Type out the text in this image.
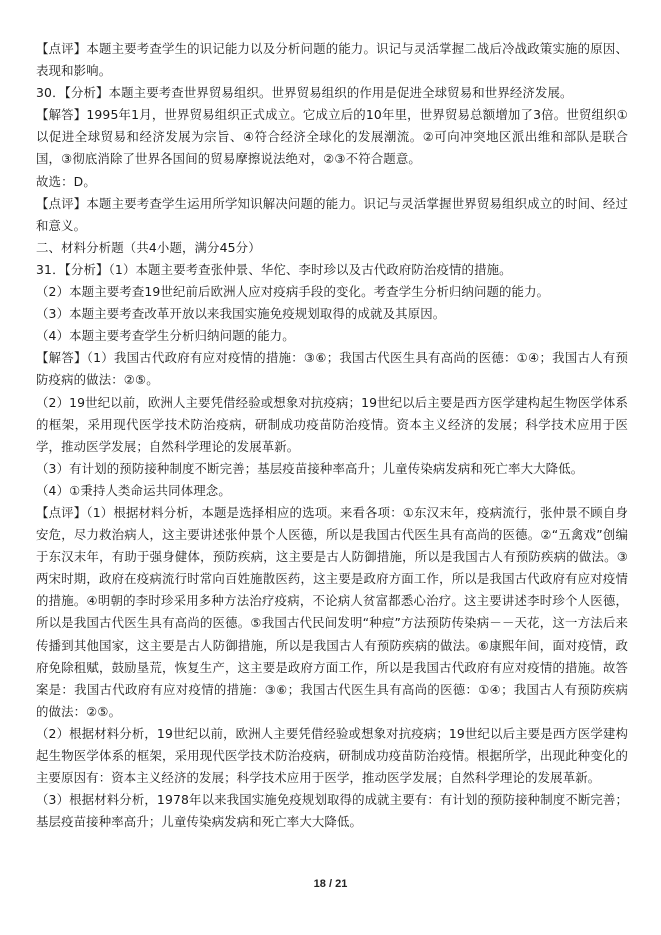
【点评】本题主要考查学生的识记能力以及分析问题的能力。识记与灵活掌握二战后冷战政策实施的原因、表现和影响。

30．【分析】本题主要考查世界贸易组织。世界贸易组织的作用是促进全球贸易和世界经济发展。

【解答】1995年1月，世界贸易组织正式成立。它成立后的10年里，世界贸易总额增加了3倍。世贸组织①以促进全球贸易和经济发展为宗旨、④符合经济全球化的发展潮流。②可向冲突地区派出维和部队是联合国，③彻底消除了世界各国间的贸易摩擦说法绝对，②③不符合题意。

故选：D。

【点评】本题主要考查学生运用所学知识解决问题的能力。识记与灵活掌握世界贸易组织成立的时间、经过和意义。

二、材料分析题（共4小题，满分45分）

31．【分析】（1）本题主要考查张仲景、华佗、李时珍以及古代政府防治疫情的措施。

（2）本题主要考查19世纪前后欧洲人应对疫病手段的变化。考查学生分析归纳问题的能力。

（3）本题主要考查改革开放以来我国实施免疫规划取得的成就及其原因。

（4）本题主要考查学生分析归纳问题的能力。

【解答】（1）我国古代政府有应对疫情的措施：③⑥；我国古代医生具有高尚的医德：①④；我国古人有预防疫病的做法：②⑤。

（2）19世纪以前，欧洲人主要凭借经验或想象对抗疫病；19世纪以后主要是西方医学建构起生物医学体系的框架，采用现代医学技术防治疫病，研制成功疫苗防治疫情。资本主义经济的发展；科学技术应用于医学，推动医学发展；自然科学理论的发展革新。

（3）有计划的预防接种制度不断完善；基层疫苗接种率高升；儿童传染病发病和死亡率大大降低。

（4）①秉持人类命运共同体理念。

【点评】（1）根据材料分析，本题是选择相应的选项。来看各项：①东汉末年，疫病流行，张仲景不顾自身安危，尽力救治病人，这主要讲述张仲景个人医德，所以是我国古代医生具有高尚的医德。②“五禽戏”创编于东汉末年，有助于强身健体，预防疾病，这主要是古人防御措施，所以是我国古人有预防疾病的做法。③两宋时期，政府在疫病流行时常向百姓施散医药，这主要是政府方面工作，所以是我国古代政府有应对疫情的措施。④明朝的李时珍采用多种方法治疗疫病，不论病人贫富都悉心治疗。这主要讲述李时珍个人医德，所以是我国古代医生具有高尚的医德。⑤我国古代民间发明“种痘”方法预防传染病－－天花，这一方法后来传播到其他国家，这主要是古人防御措施，所以是我国古人有预防疾病的做法。⑥康熙年间，面对疫情，政府免除租赋，鼓励垦荒，恢复生产，这主要是政府方面工作，所以是我国古代政府有应对疫情的措施。故答案是：我国古代政府有应对疫情的措施：③⑥；我国古代医生具有高尚的医德：①④；我国古人有预防疾病的做法：②⑤。

（2）根据材料分析，19世纪以前，欧洲人主要凭借经验或想象对抗疫病；19世纪以后主要是西方医学建构起生物医学体系的框架，采用现代医学技术防治疫病，研制成功疫苗防治疫情。根据所学，出现此种变化的主要原因有：资本主义经济的发展；科学技术应用于医学，推动医学发展；自然科学理论的发展革新。

（3）根据材料分析，1978年以来我国实施免疫规划取得的成就主要有：有计划的预防接种制度不断完善；基层疫苗接种率高升；儿童传染病发病和死亡率大大降低。

18 / 21
